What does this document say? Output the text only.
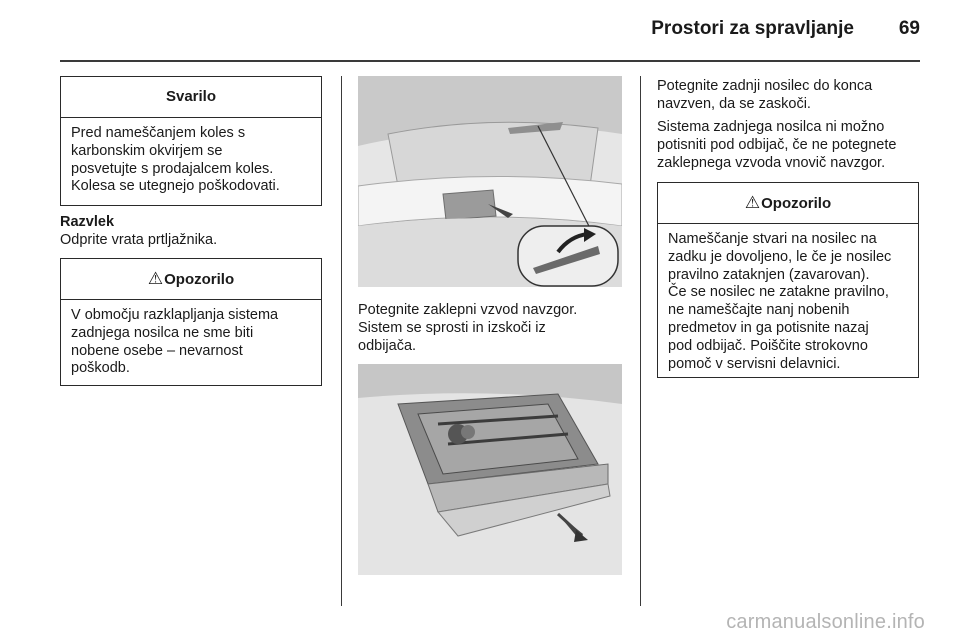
Prostori za spravljanje	69
Svarilo
Pred nameščanjem koles s
karbonskim okvirjem se
posvetujte s prodajalcem koles.
Kolesa se utegnejo poškodovati.
Razvlek
Odprite vrata prtljažnika.
⚠Opozorilo
V območju razklapljanja sistema
zadnjega nosilca ne sme biti
nobene osebe – nevarnost
poškodb.
Potegnite zaklepni vzvod navzgor.
Sistem se sprosti in izskoči iz
odbijača.
Potegnite zadnji nosilec do konca
navzven, da se zaskoči.
Sistema zadnjega nosilca ni možno
potisniti pod odbijač, če ne potegnete
zaklepnega vzvoda vnovič navzgor.
⚠Opozorilo
Nameščanje stvari na nosilec na
zadku je dovoljeno, le če je nosilec
pravilno zataknjen (zavarovan).
Če se nosilec ne zatakne pravilno,
ne nameščajte nanj nobenih
predmetov in ga potisnite nazaj
pod odbijač. Poiščite strokovno
pomoč v servisni delavnici.
carmanualsonline.info
